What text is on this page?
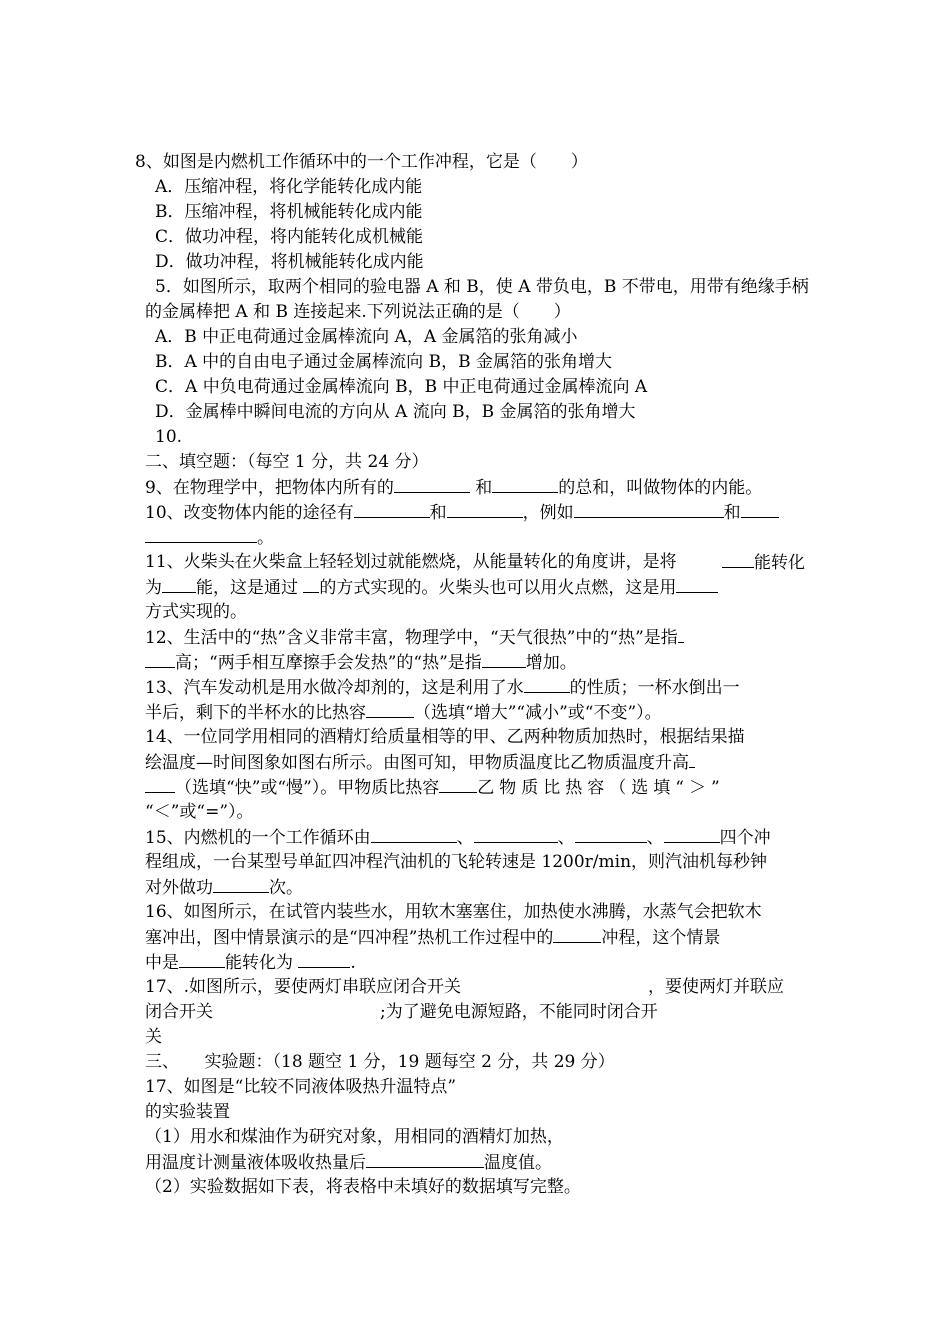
8、如图是内燃机工作循环中的一个工作冲程，它是（　　）

A．压缩冲程，将化学能转化成内能

B．压缩冲程，将机械能转化成内能

C．做功冲程，将内能转化成机械能

D．做功冲程，将机械能转化成内能

5．如图所示，取两个相同的验电器 A 和 B，使 A 带负电，B 不带电，用带有绝缘手柄

的金属棒把 A 和 B 连接起来.下列说法正确的是（　　）

A．B 中正电荷通过金属棒流向 A，A 金属箔的张角减小

B．A 中的自由电子通过金属棒流向 B，B 金属箔的张角增大

C．A 中负电荷通过金属棒流向 B，B 中正电荷通过金属棒流向 A

D．金属棒中瞬间电流的方向从 A 流向 B，B 金属箔的张角增大

10.

二、填空题：（每空 1 分，共 24 分）

9、在物理学中，把物体内所有的	和	的总和，叫做物体的内能。

10、改变物体内能的途径有	和	，例如	和

。

11、火柴头在火柴盒上轻轻划过就能燃烧，从能量转化的角度讲，是将	能转化

为 能，这是通过 的方式实现的。火柴头也可以用火点燃，这是用

方式实现的。

12、生活中的“热”含义非常丰富，物理学中，“天气很热”中的“热”是指

高；“两手相互摩擦手会发热”的“热”是指	增加。

13、汽车发动机是用水做冷却剂的，这是利用了水	的性质；一杯水倒出一

半后，剩下的半杯水的比热容	（选填“增大”“减小”或“不变”）。

14、一位同学用相同的酒精灯给质量相等的甲、乙两种物质加热时，根据结果描

绘温度—时间图象如图右所示。由图可知，甲物质温度比乙物质温度升高

（选填“快”或“慢”）。甲物质比热容 乙物质比热容（选填“＞”

“＜”或“=”）。

15、内燃机的一个工作循环由	、	、	、	四个冲

程组成，一台某型号单缸四冲程汽油机的飞轮转速是 1200r/min，则汽油机每秒钟

对外做功	次。

16、如图所示，在试管内装些水，用软木塞塞住，加热使水沸腾，水蒸气会把软木

塞冲出，图中情景演示的是“四冲程”热机工作过程中的	冲程，这个情景

中是	能转化为	.

17、.如图所示，要使两灯串联应闭合开关	，要使两灯并联应

闭合开关	;为了避免电源短路，不能同时闭合开

关

三、　　实验题：（18 题空 1 分，19 题每空 2 分，共 29 分）

17、如图是“比较不同液体吸热升温特点”

的实验装置

（1）用水和煤油作为研究对象，用相同的酒精灯加热，

用温度计测量液体吸收热量后	温度值。

（2）实验数据如下表，将表格中未填好的数据填写完整。
